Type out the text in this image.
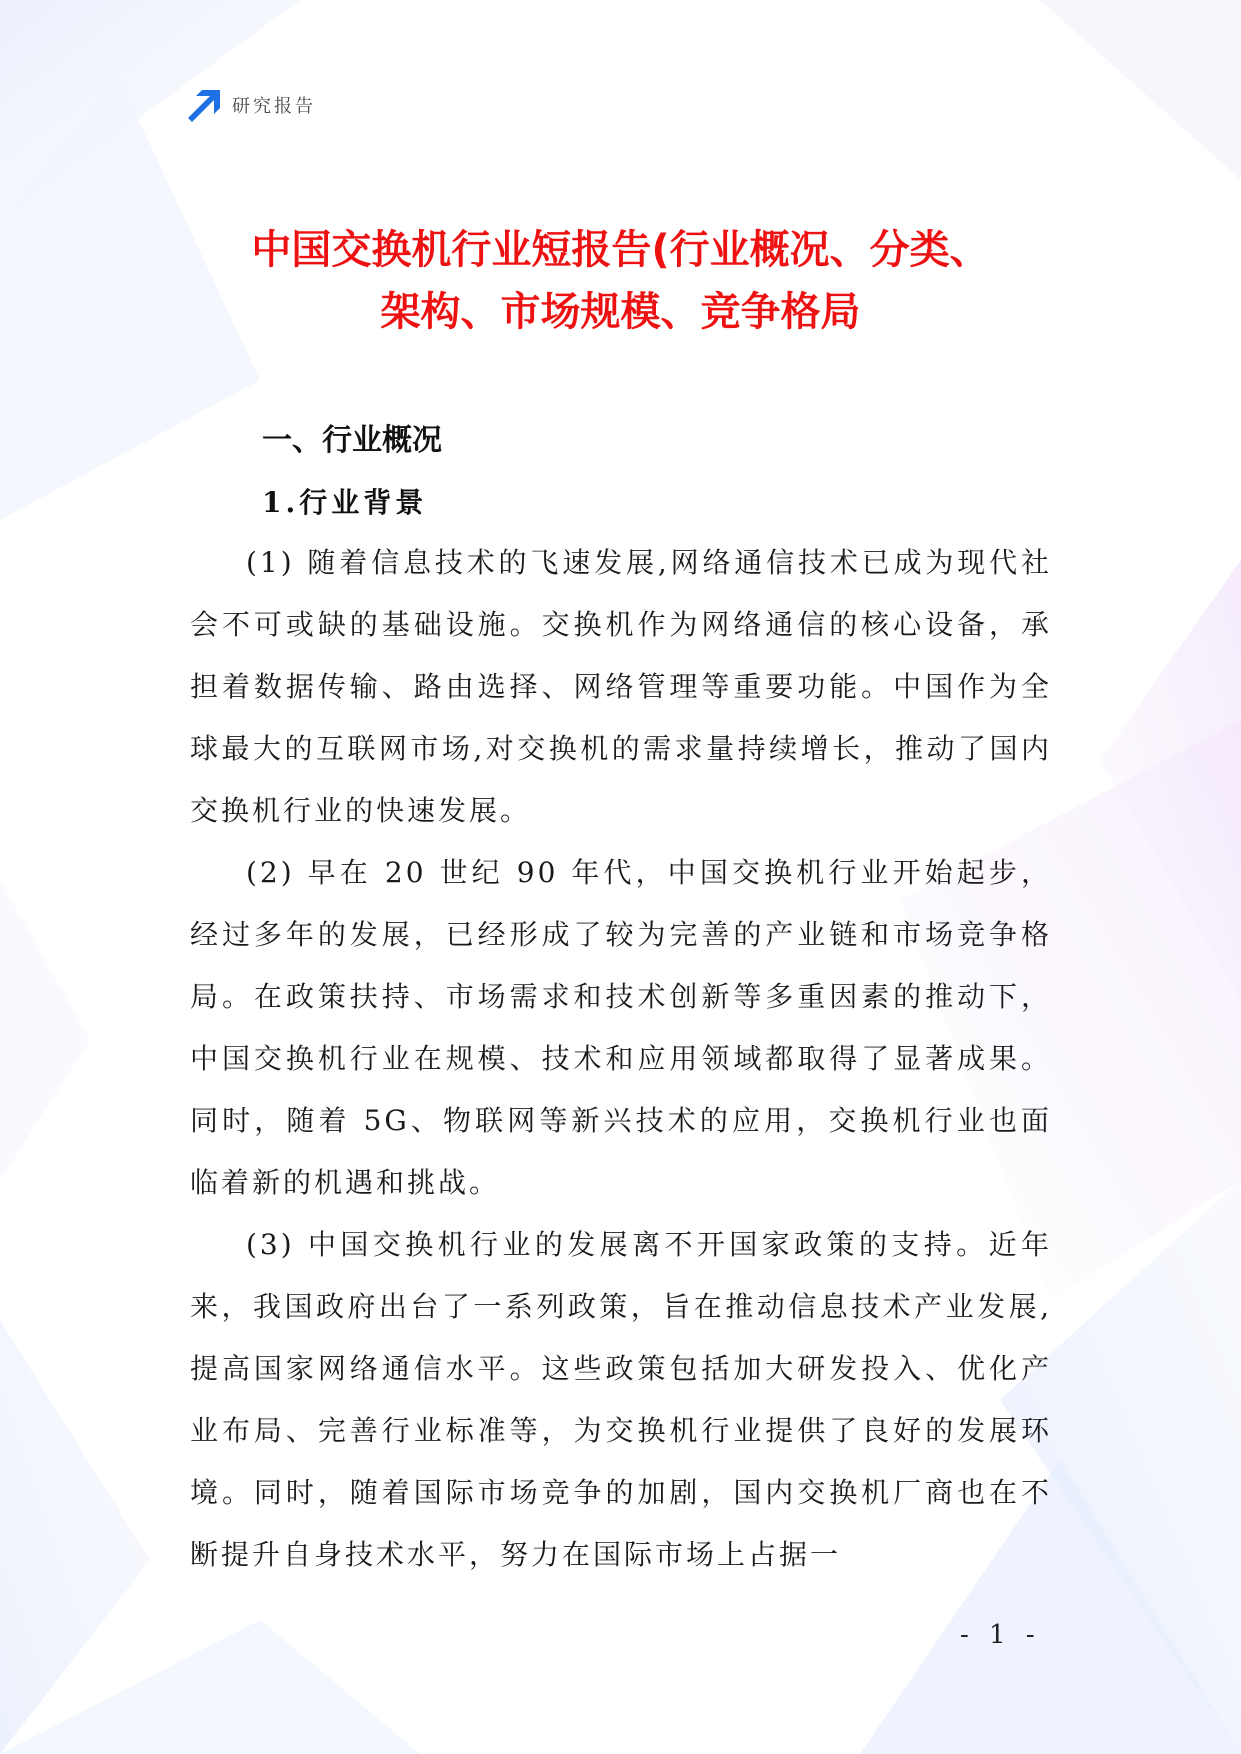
研究报告
中国交换机行业短报告(行业概况、分类、
架构、市场规模、竞争格局
一、行业概况
1.行业背景

(1) 随着信息技术的飞速发展,网络通信技术已成为现代社会不可或缺的基础设施。交换机作为网络通信的核心设备，承担着数据传输、路由选择、网络管理等重要功能。中国作为全球最大的互联网市场,对交换机的需求量持续增长，推动了国内交换机行业的快速发展。

(2) 早在 20 世纪 90 年代，中国交换机行业开始起步，经过多年的发展，已经形成了较为完善的产业链和市场竞争格局。在政策扶持、市场需求和技术创新等多重因素的推动下，中国交换机行业在规模、技术和应用领域都取得了显著成果。同时，随着 5G、物联网等新兴技术的应用，交换机行业也面临着新的机遇和挑战。

(3) 中国交换机行业的发展离不开国家政策的支持。近年来，我国政府出台了一系列政策，旨在推动信息技术产业发展,提高国家网络通信水平。这些政策包括加大研发投入、优化产业布局、完善行业标准等，为交换机行业提供了良好的发展环境。同时，随着国际市场竞争的加剧，国内交换机厂商也在不断提升自身技术水平，努力在国际市场上占据一

- 1 -
